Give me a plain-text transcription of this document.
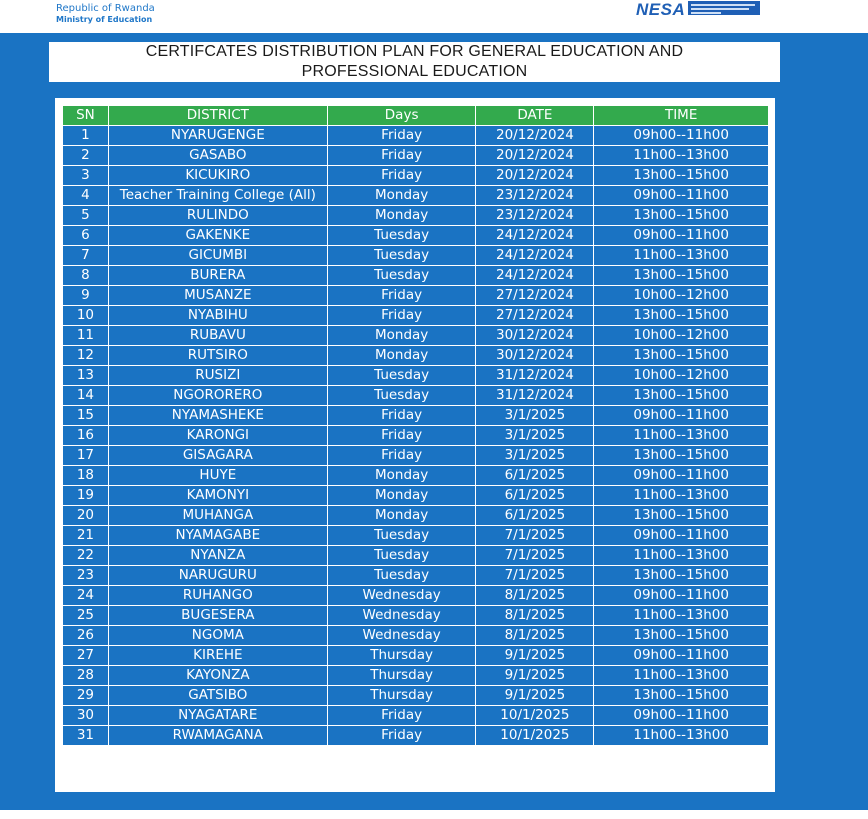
Republic of Rwanda
Ministry of Education
NESA
CERTIFCATES DISTRIBUTION PLAN FOR GENERAL EDUCATION AND
PROFESSIONAL EDUCATION
SN	DISTRICT	Days	DATE	TIME
1	NYARUGENGE	Friday	20/12/2024	09h00--11h00
2	GASABO	Friday	20/12/2024	11h00--13h00
3	KICUKIRO	Friday	20/12/2024	13h00--15h00
4	Teacher Training College (All)	Monday	23/12/2024	09h00--11h00
5	RULINDO	Monday	23/12/2024	13h00--15h00
6	GAKENKE	Tuesday	24/12/2024	09h00--11h00
7	GICUMBI	Tuesday	24/12/2024	11h00--13h00
8	BURERA	Tuesday	24/12/2024	13h00--15h00
9	MUSANZE	Friday	27/12/2024	10h00--12h00
10	NYABIHU	Friday	27/12/2024	13h00--15h00
11	RUBAVU	Monday	30/12/2024	10h00--12h00
12	RUTSIRO	Monday	30/12/2024	13h00--15h00
13	RUSIZI	Tuesday	31/12/2024	10h00--12h00
14	NGORORERO	Tuesday	31/12/2024	13h00--15h00
15	NYAMASHEKE	Friday	3/1/2025	09h00--11h00
16	KARONGI	Friday	3/1/2025	11h00--13h00
17	GISAGARA	Friday	3/1/2025	13h00--15h00
18	HUYE	Monday	6/1/2025	09h00--11h00
19	KAMONYI	Monday	6/1/2025	11h00--13h00
20	MUHANGA	Monday	6/1/2025	13h00--15h00
21	NYAMAGABE	Tuesday	7/1/2025	09h00--11h00
22	NYANZA	Tuesday	7/1/2025	11h00--13h00
23	NARUGURU	Tuesday	7/1/2025	13h00--15h00
24	RUHANGO	Wednesday	8/1/2025	09h00--11h00
25	BUGESERA	Wednesday	8/1/2025	11h00--13h00
26	NGOMA	Wednesday	8/1/2025	13h00--15h00
27	KIREHE	Thursday	9/1/2025	09h00--11h00
28	KAYONZA	Thursday	9/1/2025	11h00--13h00
29	GATSIBO	Thursday	9/1/2025	13h00--15h00
30	NYAGATARE	Friday	10/1/2025	09h00--11h00
31	RWAMAGANA	Friday	10/1/2025	11h00--13h00
